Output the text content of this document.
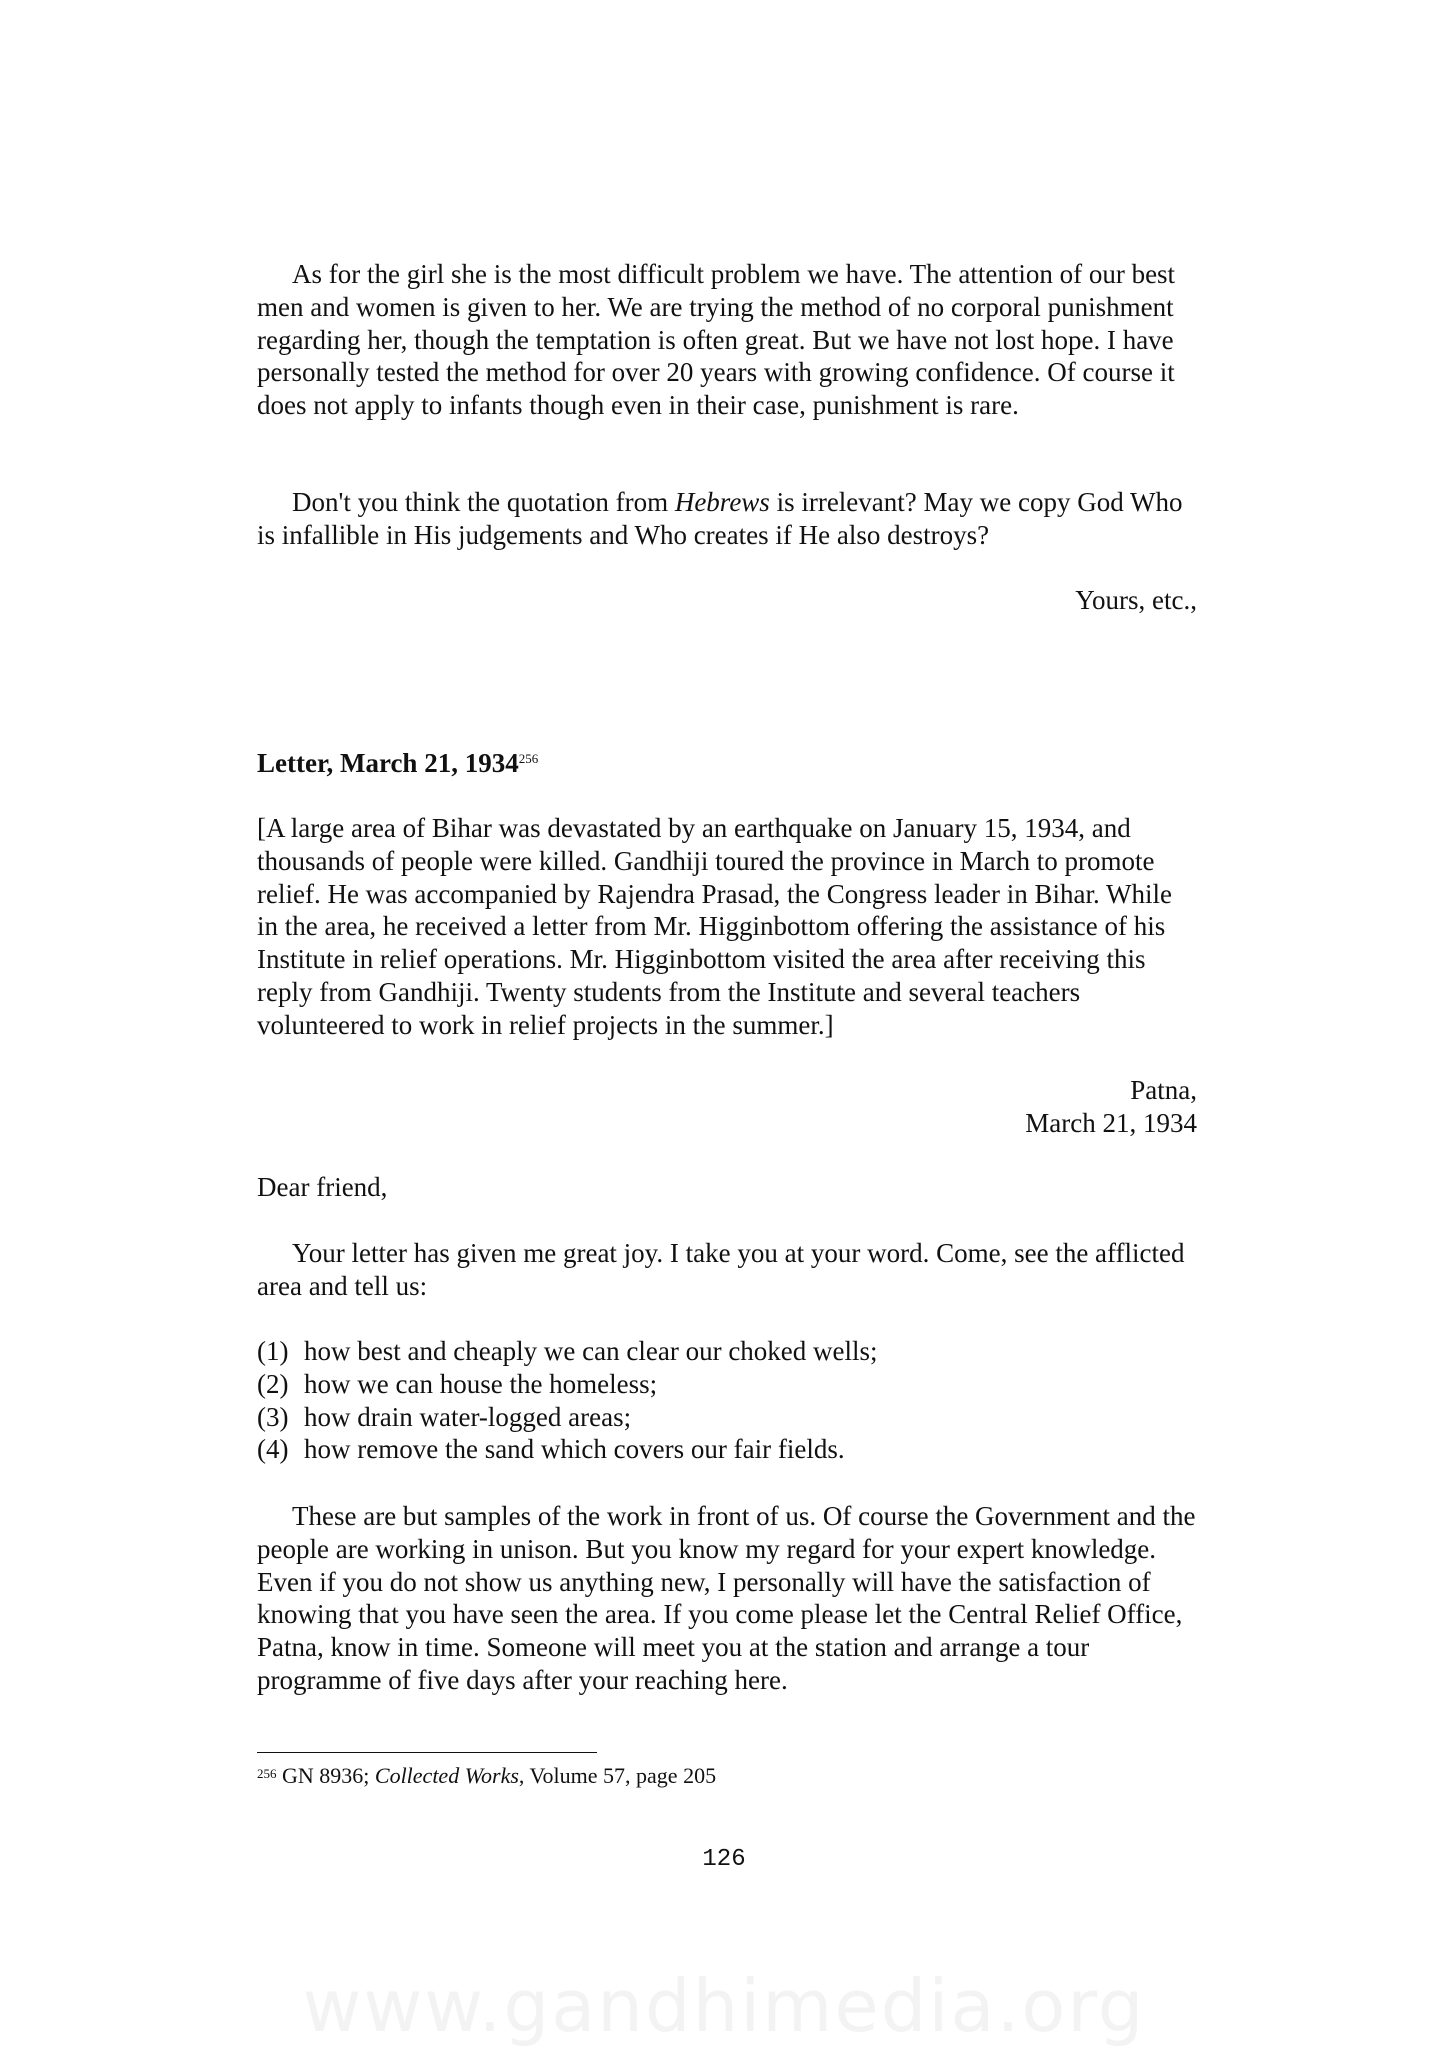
As for the girl she is the most difficult problem we have. The attention of our best men and women is given to her. We are trying the method of no corporal punishment regarding her, though the temptation is often great. But we have not lost hope. I have personally tested the method for over 20 years with growing confidence. Of course it does not apply to infants though even in their case, punishment is rare.

Don't you think the quotation from Hebrews is irrelevant? May we copy God Who is infallible in His judgements and Who creates if He also destroys?

Yours, etc.,

Letter, March 21, 1934$^{256}$

[A large area of Bihar was devastated by an earthquake on January 15, 1934, and thousands of people were killed. Gandhiji toured the province in March to promote relief. He was accompanied by Rajendra Prasad, the Congress leader in Bihar. While in the area, he received a letter from Mr. Higginbottom offering the assistance of his Institute in relief operations. Mr. Higginbottom visited the area after receiving this reply from Gandhiji. Twenty students from the Institute and several teachers volunteered to work in relief projects in the summer.]

Patna,
March 21, 1934

Dear friend,

Your letter has given me great joy. I take you at your word. Come, see the afflicted area and tell us:

(1) how best and cheaply we can clear our choked wells;
(2) how we can house the homeless;
(3) how drain water-logged areas;
(4) how remove the sand which covers our fair fields.

These are but samples of the work in front of us. Of course the Government and the people are working in unison. But you know my regard for your expert knowledge. Even if you do not show us anything new, I personally will have the satisfaction of knowing that you have seen the area. If you come please let the Central Relief Office, Patna, know in time. Someone will meet you at the station and arrange a tour programme of five days after your reaching here.

$^{256}$ GN 8936; Collected Works, Volume 57, page 205

126
www.gandhimedia.org
